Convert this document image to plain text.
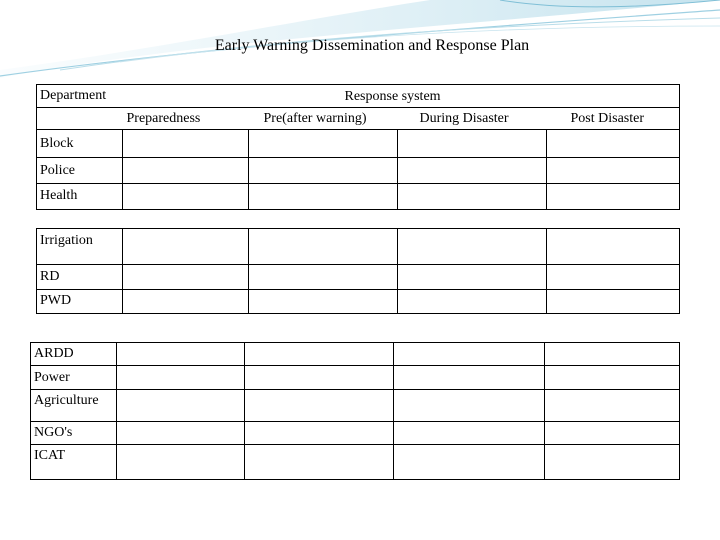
Early Warning Dissemination and Response Plan
Department	Response system			

	Preparedness	Pre(after warning)	During Disaster	Post Disaster

Block				

Police				

Health				

Irrigation				

RD				

PWD				

ARDD				

Power				

Agriculture				

NGO's				

ICAT				
